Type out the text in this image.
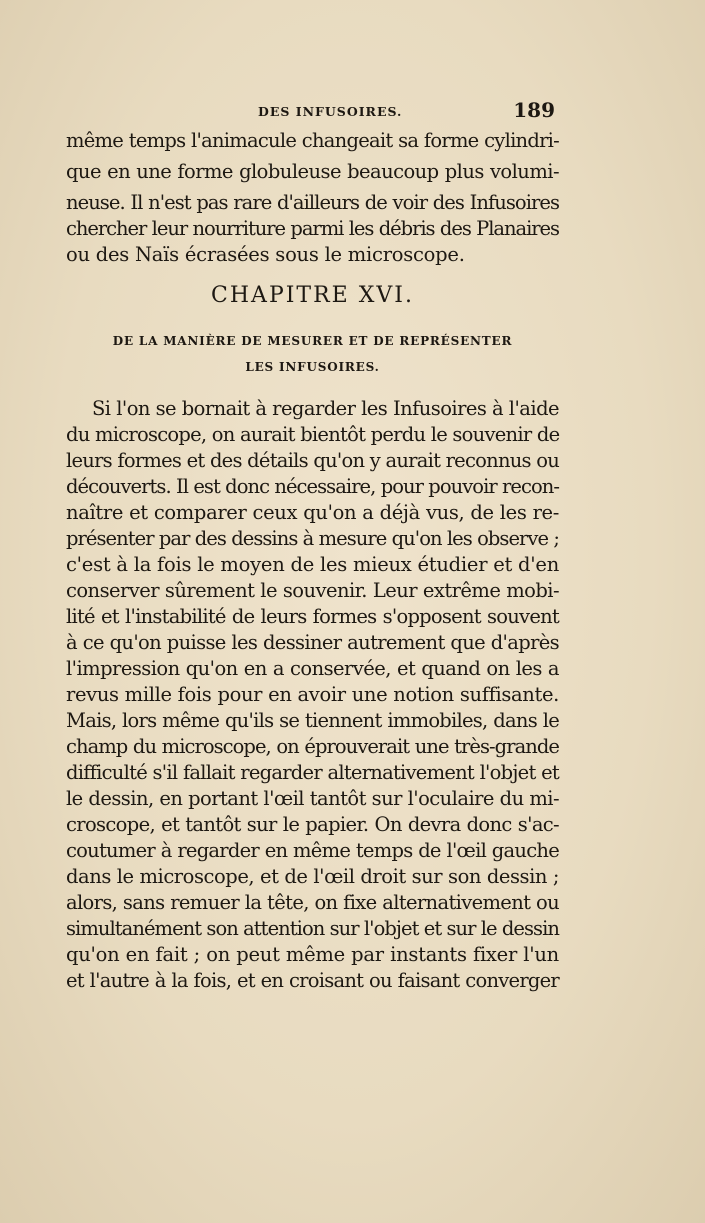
DES INFUSOIRES.	189
même temps l'animacule changeait sa forme cylindri-
que en une forme globuleuse beaucoup plus volumi-
neuse. Il n'est pas rare d'ailleurs de voir des Infusoires
chercher leur nourriture parmi les débris des Planaires
ou des Naïs écrasées sous le microscope.
CHAPITRE XVI.
DE LA MANIÈRE DE MESURER ET DE REPRÉSENTER
LES INFUSOIRES.
Si l'on se bornait à regarder les Infusoires à l'aide
du microscope, on aurait bientôt perdu le souvenir de
leurs formes et des détails qu'on y aurait reconnus ou
découverts. Il est donc nécessaire, pour pouvoir recon-
naître et comparer ceux qu'on a déjà vus, de les re-
présenter par des dessins à mesure qu'on les observe ;
c'est à la fois le moyen de les mieux étudier et d'en
conserver sûrement le souvenir. Leur extrême mobi-
lité et l'instabilité de leurs formes s'opposent souvent
à ce qu'on puisse les dessiner autrement que d'après
l'impression qu'on en a conservée, et quand on les a
revus mille fois pour en avoir une notion suffisante.
Mais, lors même qu'ils se tiennent immobiles, dans le
champ du microscope, on éprouverait une très-grande
difficulté s'il fallait regarder alternativement l'objet et
le dessin, en portant l'œil tantôt sur l'oculaire du mi-
croscope, et tantôt sur le papier. On devra donc s'ac-
coutumer à regarder en même temps de l'œil gauche
dans le microscope, et de l'œil droit sur son dessin ;
alors, sans remuer la tête, on fixe alternativement ou
simultanément son attention sur l'objet et sur le dessin
qu'on en fait ; on peut même par instants fixer l'un
et l'autre à la fois, et en croisant ou faisant converger
